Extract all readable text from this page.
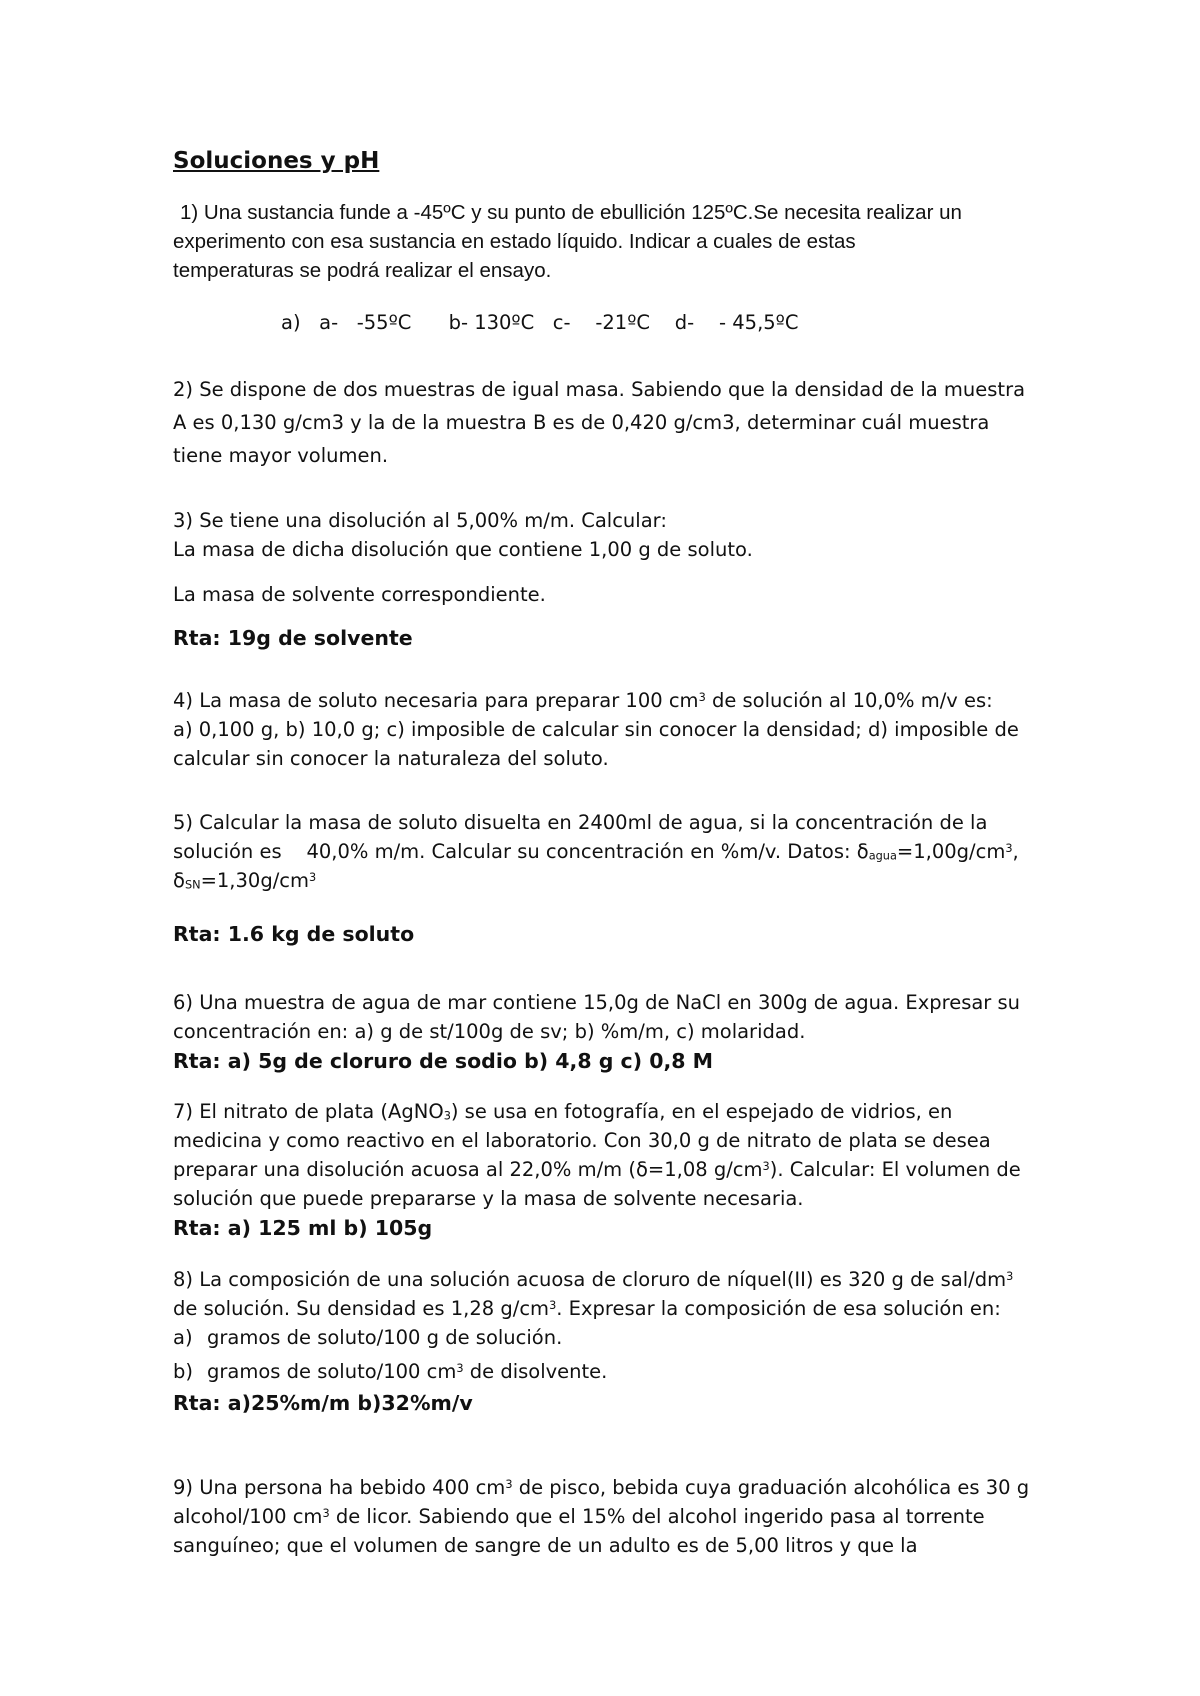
Soluciones y pH

1) Una sustancia funde a -45ºC y su punto de ebullición 125ºC.Se necesita realizar un

experimento con esa sustancia en estado líquido. Indicar a cuales de estas
temperaturas se podrá realizar el ensayo.

a)   a-   -55ºC      b- 130ºC   c-    -21ºC    d-    - 45,5ºC

2) Se dispone de dos muestras de igual masa. Sabiendo que la densidad de la muestra
A es 0,130 g/cm3 y la de la muestra B es de 0,420 g/cm3, determinar cuál muestra
tiene mayor volumen.

3) Se tiene una disolución al 5,00% m/m. Calcular:
La masa de dicha disolución que contiene 1,00 g de soluto.

La masa de solvente correspondiente.

Rta: 19g de solvente

4) La masa de soluto necesaria para preparar 100 $cm^3$ de solución al 10,0% m/v es:
a) 0,100 g, b) 10,0 g; c) imposible de calcular sin conocer la densidad; d) imposible de
calcular sin conocer la naturaleza del soluto.

5) Calcular la masa de soluto disuelta en 2400ml de agua, si la concentración de la
solución es    40,0% m/m. Calcular su concentración en %m/v. Datos: $\delta_{agua}=1,00g/cm^3$,
$\delta_{SN}=1,30g/cm^3$

Rta: 1.6 kg de soluto

6) Una muestra de agua de mar contiene 15,0g de NaCl en 300g de agua. Expresar su
concentración en: a) g de st/100g de sv; b) %m/m, c) molaridad.

Rta: a) 5g de cloruro de sodio b) 4,8 g c) 0,8 M

7) El nitrato de plata (AgNO$_3$) se usa en fotografía, en el espejado de vidrios, en
medicina y como reactivo en el laboratorio. Con 30,0 g de nitrato de plata se desea
preparar una disolución acuosa al 22,0% m/m (δ=1,08 $g/cm^3$). Calcular: El volumen de
solución que puede prepararse y la masa de solvente necesaria.

Rta: a) 125 ml b) 105g

8) La composición de una solución acuosa de cloruro de níquel(II) es 320 g de sal/$dm^3$
de solución. Su densidad es 1,28 $g/cm^3$. Expresar la composición de esa solución en:

a) gramos de soluto/100 g de solución.
b) gramos de soluto/100 $cm^3$ de disolvente.

Rta: a)25%m/m b)32%m/v

9) Una persona ha bebido 400 $cm^3$ de pisco, bebida cuya graduación alcohólica es 30 g
alcohol/100 $cm^3$ de licor. Sabiendo que el 15% del alcohol ingerido pasa al torrente
sanguíneo; que el volumen de sangre de un adulto es de 5,00 litros y que la
